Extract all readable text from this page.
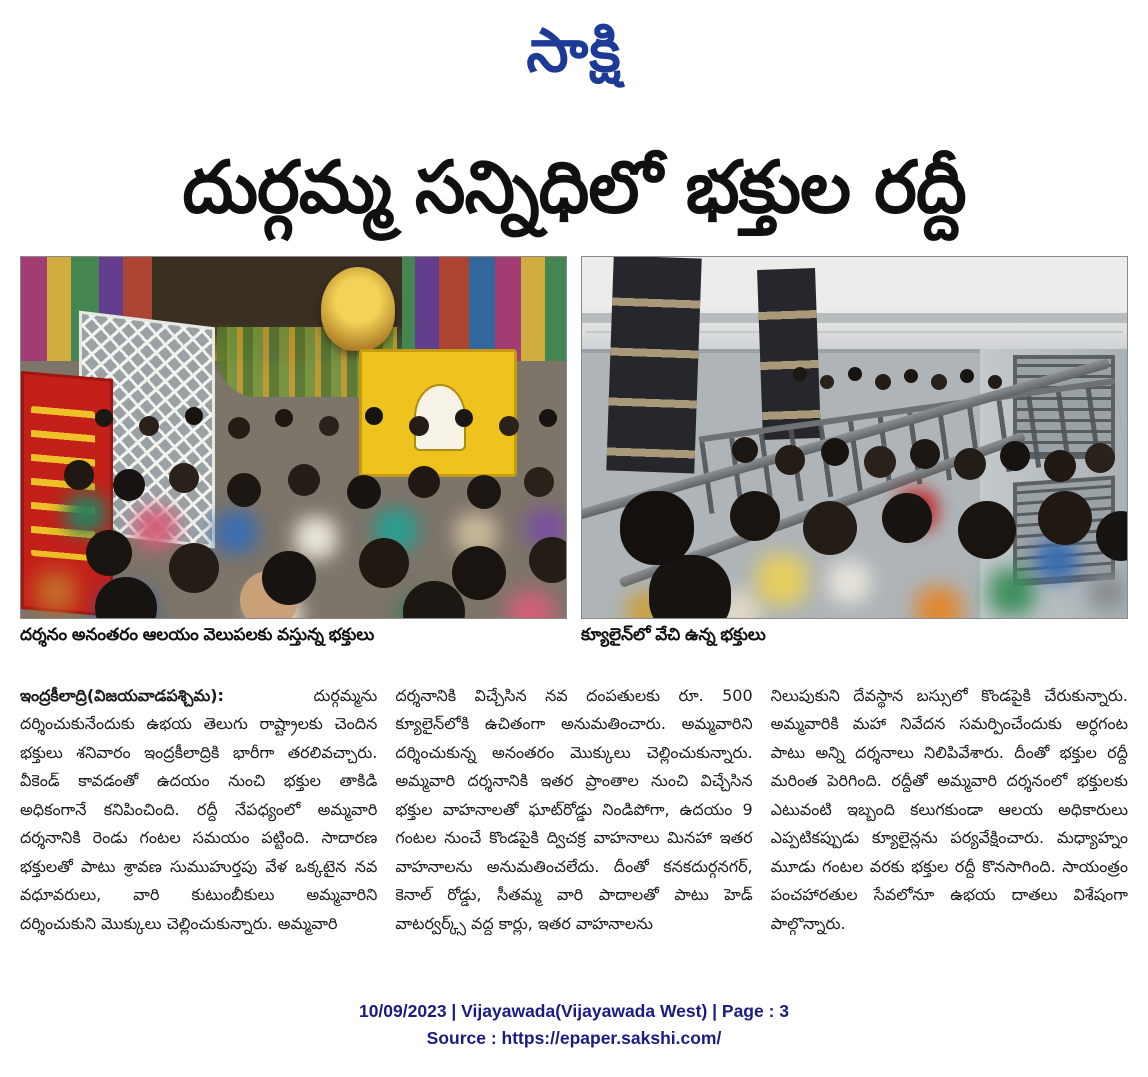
సాక్షి
దుర్గమ్మ సన్నిధిలో భక్తుల రద్దీ
దర్శనం అనంతరం ఆలయం వెలుపలకు వస్తున్న భక్తులు	క్యూలైన్‌లో వేచి ఉన్న భక్తులు

ఇంద్రకీలాద్రి(విజయవాడపశ్చిమ):	దుర్గమ్మను దర్శించుకునేందుకు ఉభయ తెలుగు రాష్ట్రాలకు చెందిన భక్తులు శనివారం ఇంద్రకీలాద్రికి భారీగా తరలివచ్చారు. వీకెండ్ కావడంతో ఉదయం నుంచి భక్తుల తాకిడి అధికంగానే కనిపించింది. రద్దీ నేపధ్యంలో అమ్మవారి దర్శనానికి రెండు గంటల సమయం పట్టింది. సాదారణ భక్తులతో పాటు శ్రావణ సుముహుర్తపు వేళ ఒక్కటైన నవ వధూవరులు, వారి కుటుంబీకులు అమ్మవారిని దర్శించుకుని మొక్కులు చెల్లించుకున్నారు. అమ్మవారి

దర్శనానికి విచ్చేసిన నవ దంపతులకు రూ. 500 క్యూలైన్‌లోకి ఉచితంగా అనుమతించారు. అమ్మవారిని దర్శించుకున్న అనంతరం మొక్కులు చెల్లించుకున్నారు. అమ్మవారి దర్శనానికి ఇతర ప్రాంతాల నుంచి విచ్చేసిన భక్తుల వాహనాలతో ఘాట్‌రోడ్డు నిండిపోగా, ఉదయం 9 గంటల నుంచే కొండపైకి ద్విచక్ర వాహనాలు మినహా ఇతర వాహనాలను అనుమతించలేదు. దీంతో కనకదుర్గనగర్, కెనాల్ రోడ్డు, సీతమ్మ వారి పాదాలతో పాటు హెడ్ వాటర్వర్క్స్ వద్ద కార్లు, ఇతర వాహనాలను

నిలుపుకుని దేవస్థాన బస్సులో కొండపైకి చేరుకున్నారు. అమ్మవారికి మహా నివేదన సమర్పించేందుకు అర్ధగంట పాటు అన్ని దర్శనాలు నిలిపివేశారు. దీంతో భక్తుల రద్దీ మరింత పెరిగింది. రద్దీతో అమ్మవారి దర్శనంలో భక్తులకు ఎటువంటి ఇబ్బంది కలుగకుండా ఆలయ అధికారులు ఎప్పటికప్పుడు క్యూలైన్లను పర్యవేక్షించారు. మధ్యాహ్నం మూడు గంటల వరకు భక్తుల రద్దీ కొనసాగింది. సాయంత్రం పంచహారతుల సేవలోనూ ఉభయ దాతలు విశేషంగా పాల్గొన్నారు.

10/09/2023 | Vijayawada(Vijayawada West) | Page : 3
Source : https://epaper.sakshi.com/
